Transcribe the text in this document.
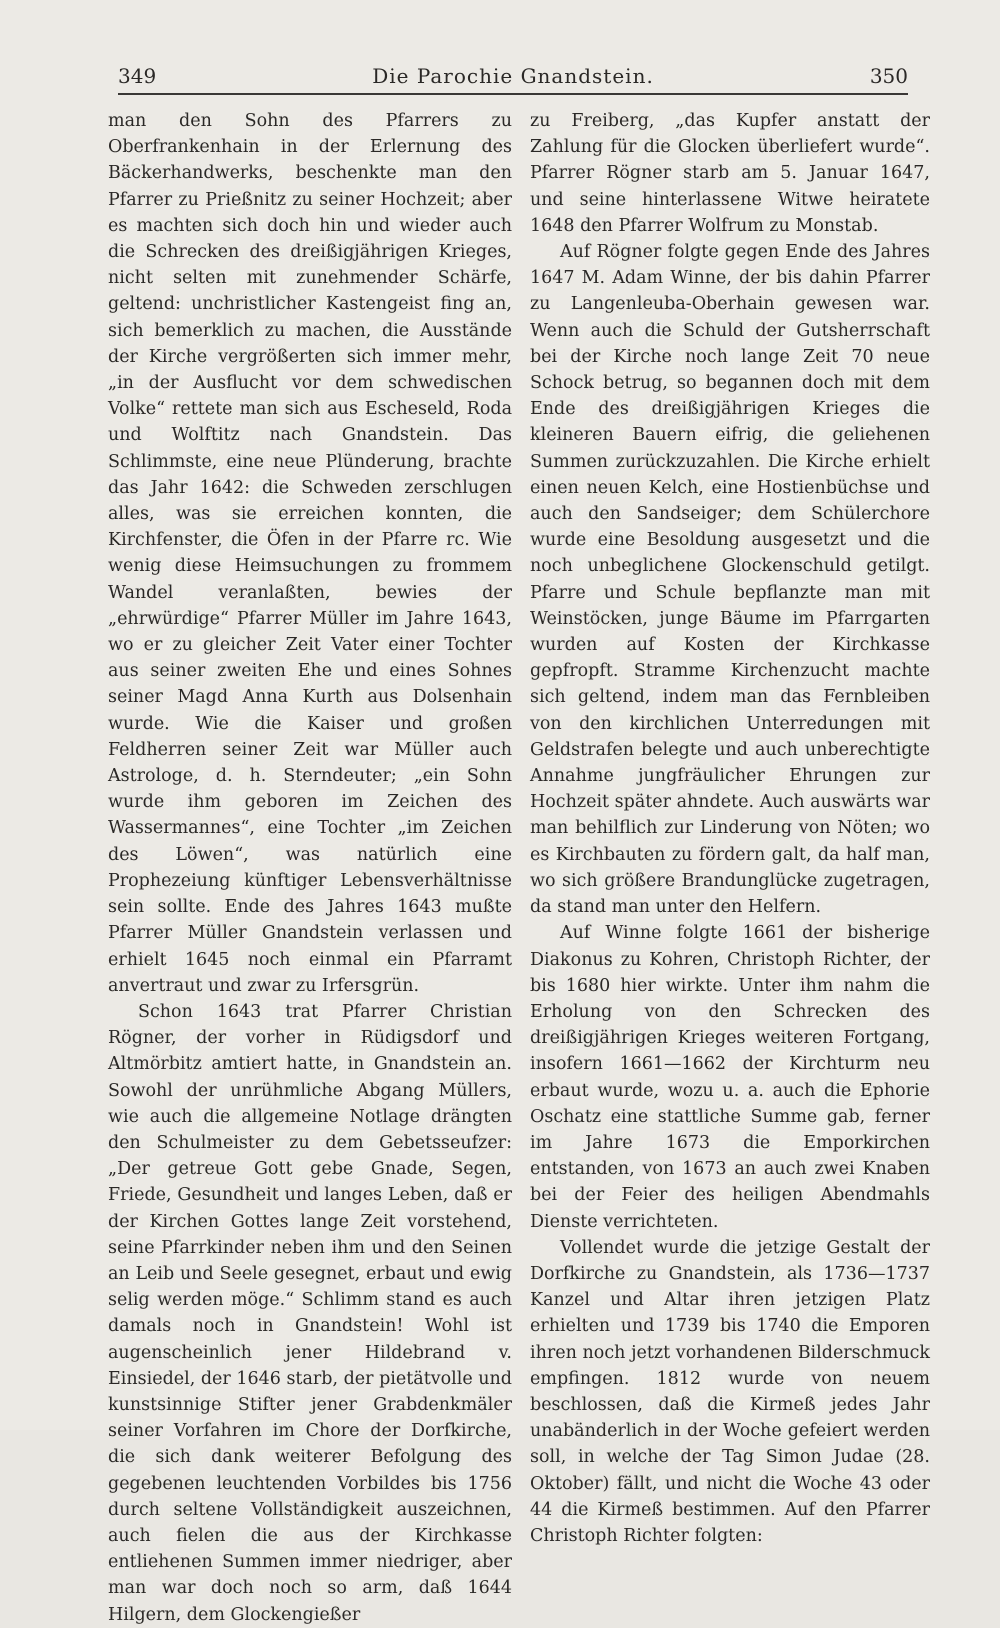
349	Die Parochie Gnandstein.	350

man den Sohn des Pfarrers zu Oberfrankenhain in der Erlernung des Bäckerhandwerks, beschenkte man den Pfarrer zu Prießnitz zu seiner Hochzeit; aber es machten sich doch hin und wieder auch die Schrecken des dreißigjährigen Krieges, nicht selten mit zunehmender Schärfe, geltend: unchristlicher Kastengeist fing an, sich bemerklich zu machen, die Ausstände der Kirche vergrößerten sich immer mehr, „in der Ausflucht vor dem schwedischen Volke“ rettete man sich aus Escheseld, Roda und Wolftitz nach Gnandstein. Das Schlimmste, eine neue Plünderung, brachte das Jahr 1642: die Schweden zerschlugen alles, was sie erreichen konnten, die Kirchfenster, die Öfen in der Pfarre rc. Wie wenig diese Heimsuchungen zu frommem Wandel veranlaßten, bewies der „ehrwürdige“ Pfarrer Müller im Jahre 1643, wo er zu gleicher Zeit Vater einer Tochter aus seiner zweiten Ehe und eines Sohnes seiner Magd Anna Kurth aus Dolsenhain wurde. Wie die Kaiser und großen Feldherren seiner Zeit war Müller auch Astrologe, d. h. Sterndeuter; „ein Sohn wurde ihm geboren im Zeichen des Wassermannes“, eine Tochter „im Zeichen des Löwen“, was natürlich eine Prophezeiung künftiger Lebensverhältnisse sein sollte. Ende des Jahres 1643 mußte Pfarrer Müller Gnandstein verlassen und erhielt 1645 noch einmal ein Pfarramt anvertraut und zwar zu Irfersgrün.

Schon 1643 trat Pfarrer Christian Rögner, der vorher in Rüdigsdorf und Altmörbitz amtiert hatte, in Gnandstein an. Sowohl der unrühmliche Abgang Müllers, wie auch die allgemeine Notlage drängten den Schulmeister zu dem Gebetsseufzer: „Der getreue Gott gebe Gnade, Segen, Friede, Gesundheit und langes Leben, daß er der Kirchen Gottes lange Zeit vorstehend, seine Pfarrkinder neben ihm und den Seinen an Leib und Seele gesegnet, erbaut und ewig selig werden möge.“ Schlimm stand es auch damals noch in Gnandstein! Wohl ist augenscheinlich jener Hildebrand v. Einsiedel, der 1646 starb, der pietätvolle und kunstsinnige Stifter jener Grabdenkmäler seiner Vorfahren im Chore der Dorfkirche, die sich dank weiterer Befolgung des gegebenen leuchtenden Vorbildes bis 1756 durch seltene Vollständigkeit auszeichnen, auch fielen die aus der Kirchkasse entliehenen Summen immer niedriger, aber man war doch noch so arm, daß 1644 Hilgern, dem Glockengießer

zu Freiberg, „das Kupfer anstatt der Zahlung für die Glocken überliefert wurde“. Pfarrer Rögner starb am 5. Januar 1647, und seine hinterlassene Witwe heiratete 1648 den Pfarrer Wolfrum zu Monstab.

Auf Rögner folgte gegen Ende des Jahres 1647 M. Adam Winne, der bis dahin Pfarrer zu Langenleuba-Oberhain gewesen war. Wenn auch die Schuld der Gutsherrschaft bei der Kirche noch lange Zeit 70 neue Schock betrug, so begannen doch mit dem Ende des dreißigjährigen Krieges die kleineren Bauern eifrig, die geliehenen Summen zurückzuzahlen. Die Kirche erhielt einen neuen Kelch, eine Hostienbüchse und auch den Sandseiger; dem Schülerchore wurde eine Besoldung ausgesetzt und die noch unbeglichene Glockenschuld getilgt. Pfarre und Schule bepflanzte man mit Weinstöcken, junge Bäume im Pfarrgarten wurden auf Kosten der Kirchkasse gepfropft. Stramme Kirchenzucht machte sich geltend, indem man das Fernbleiben von den kirchlichen Unterredungen mit Geldstrafen belegte und auch unberechtigte Annahme jungfräulicher Ehrungen zur Hochzeit später ahndete. Auch auswärts war man behilflich zur Linderung von Nöten; wo es Kirchbauten zu fördern galt, da half man, wo sich größere Brandunglücke zugetragen, da stand man unter den Helfern.

Auf Winne folgte 1661 der bisherige Diakonus zu Kohren, Christoph Richter, der bis 1680 hier wirkte. Unter ihm nahm die Erholung von den Schrecken des dreißigjährigen Krieges weiteren Fortgang, insofern 1661—1662 der Kirchturm neu erbaut wurde, wozu u. a. auch die Ephorie Oschatz eine stattliche Summe gab, ferner im Jahre 1673 die Emporkirchen entstanden, von 1673 an auch zwei Knaben bei der Feier des heiligen Abendmahls Dienste verrichteten.

Vollendet wurde die jetzige Gestalt der Dorfkirche zu Gnandstein, als 1736—1737 Kanzel und Altar ihren jetzigen Platz erhielten und 1739 bis 1740 die Emporen ihren noch jetzt vorhandenen Bilderschmuck empfingen. 1812 wurde von neuem beschlossen, daß die Kirmeß jedes Jahr unabänderlich in der Woche gefeiert werden soll, in welche der Tag Simon Judae (28. Oktober) fällt, und nicht die Woche 43 oder 44 die Kirmeß bestimmen. Auf den Pfarrer Christoph Richter folgten:
